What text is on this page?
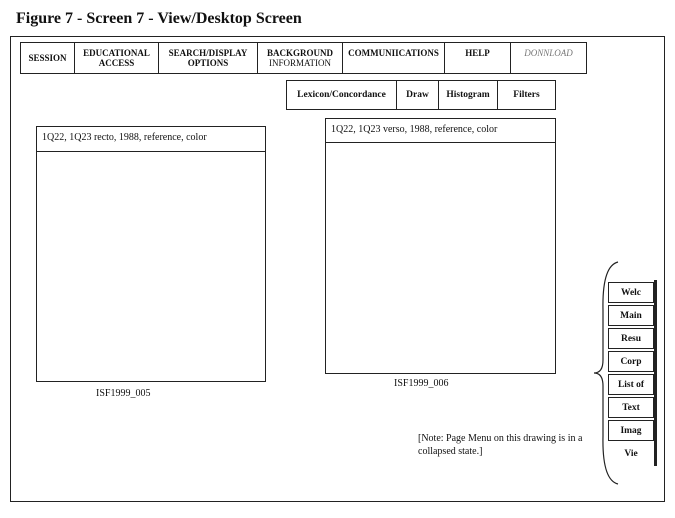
Figure 7 - Screen 7 - View/Desktop Screen
SESSION EDUCATIONAL
ACCESS
SEARCH/DISPLAY
OPTIONS
BACKGROUND
INFORMATION
COMMUNIICATIONS	HELP	DONNLOAD
Lexicon/Concordance	Draw	Histogram	Filters
1Q22, 1Q23 recto, 1988, reference, color
ISF1999_005
1Q22, 1Q23 verso, 1988, reference, color
ISF1999_006
[Note: Page Menu on this drawing is in a collapsed state.]
Welc
Main
Resu
Corp
List of
Text
Imag
Vie
